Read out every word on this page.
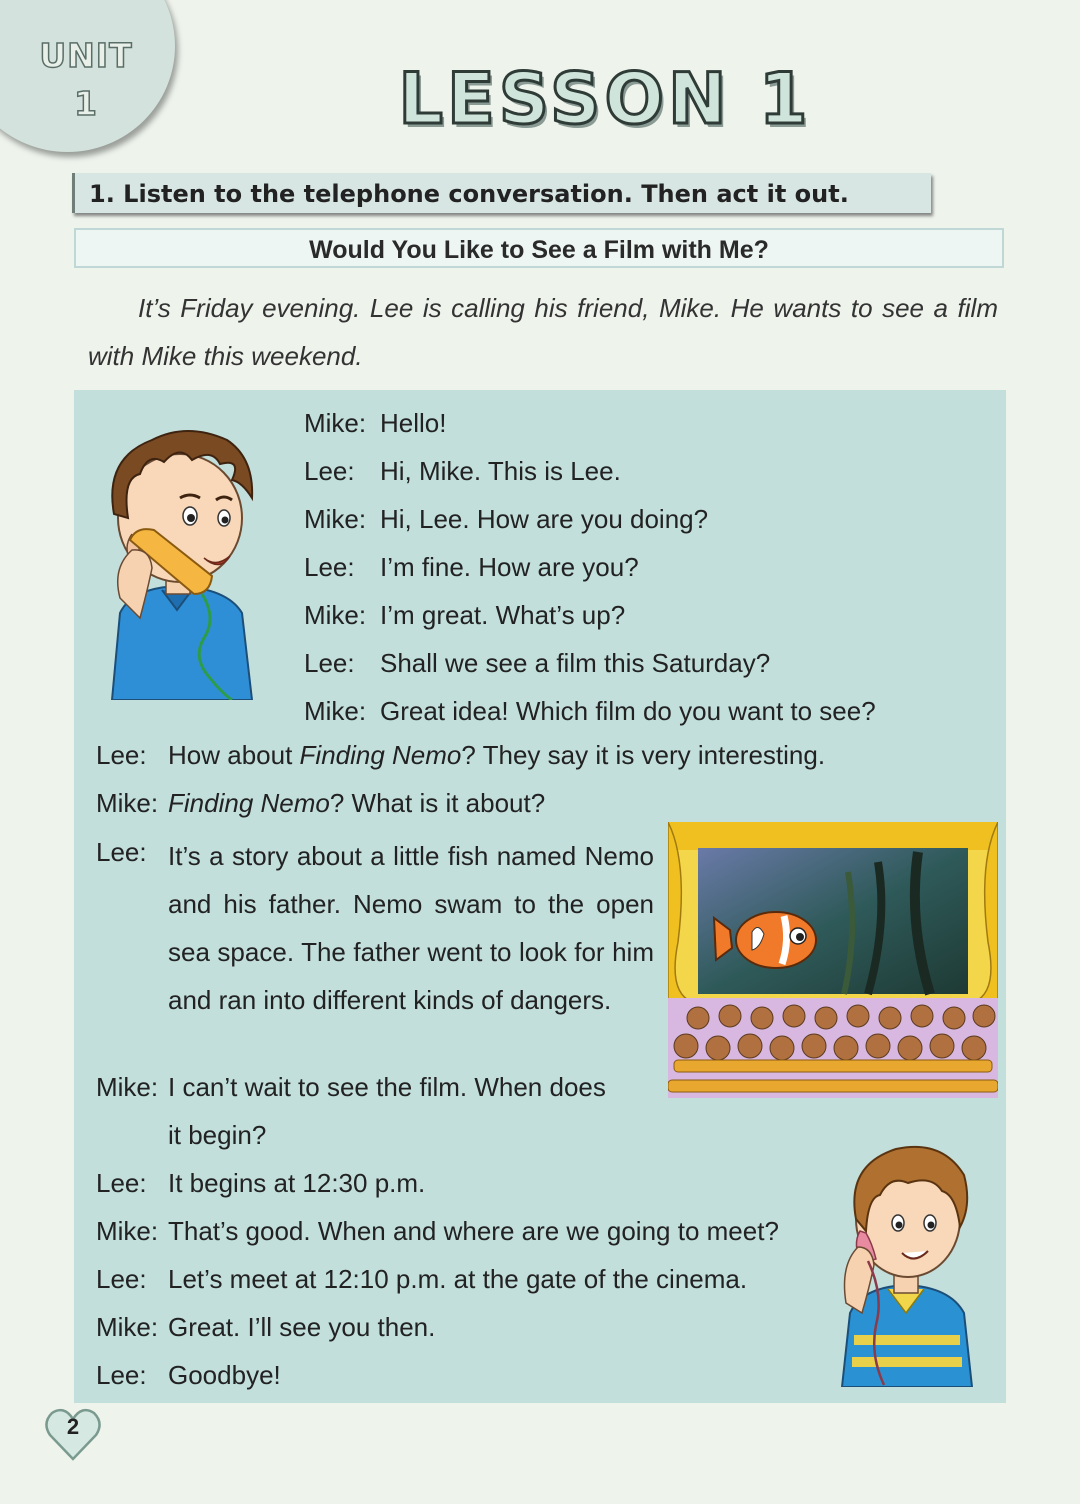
UNIT
1	LESSON 1
1. Listen to the telephone conversation. Then act it out.
Would You Like to See a Film with Me?
It’s Friday evening. Lee is calling his friend, Mike. He wants to see a film with Mike this weekend.
Mike: Hello!
Lee: Hi, Mike. This is Lee.
Mike: Hi, Lee. How are you doing?
Lee: I’m fine. How are you?
Mike: I’m great. What’s up?
Lee: Shall we see a film this Saturday?
Mike: Great idea! Which film do you want to see?
Lee: How about Finding Nemo? They say it is very interesting.
Mike: Finding Nemo? What is it about?
Lee: It’s a story about a little fish named Nemo and his father. Nemo swam to the open sea space. The father went to look for him and ran into different kinds of dangers.
Mike: I can’t wait to see the film. When does
it begin?
Lee: It begins at 12:30 p.m.
Mike: That’s good. When and where are we going to meet?
Lee: Let’s meet at 12:10 p.m. at the gate of the cinema.
Mike: Great. I’ll see you then.
Lee: Goodbye!
2
